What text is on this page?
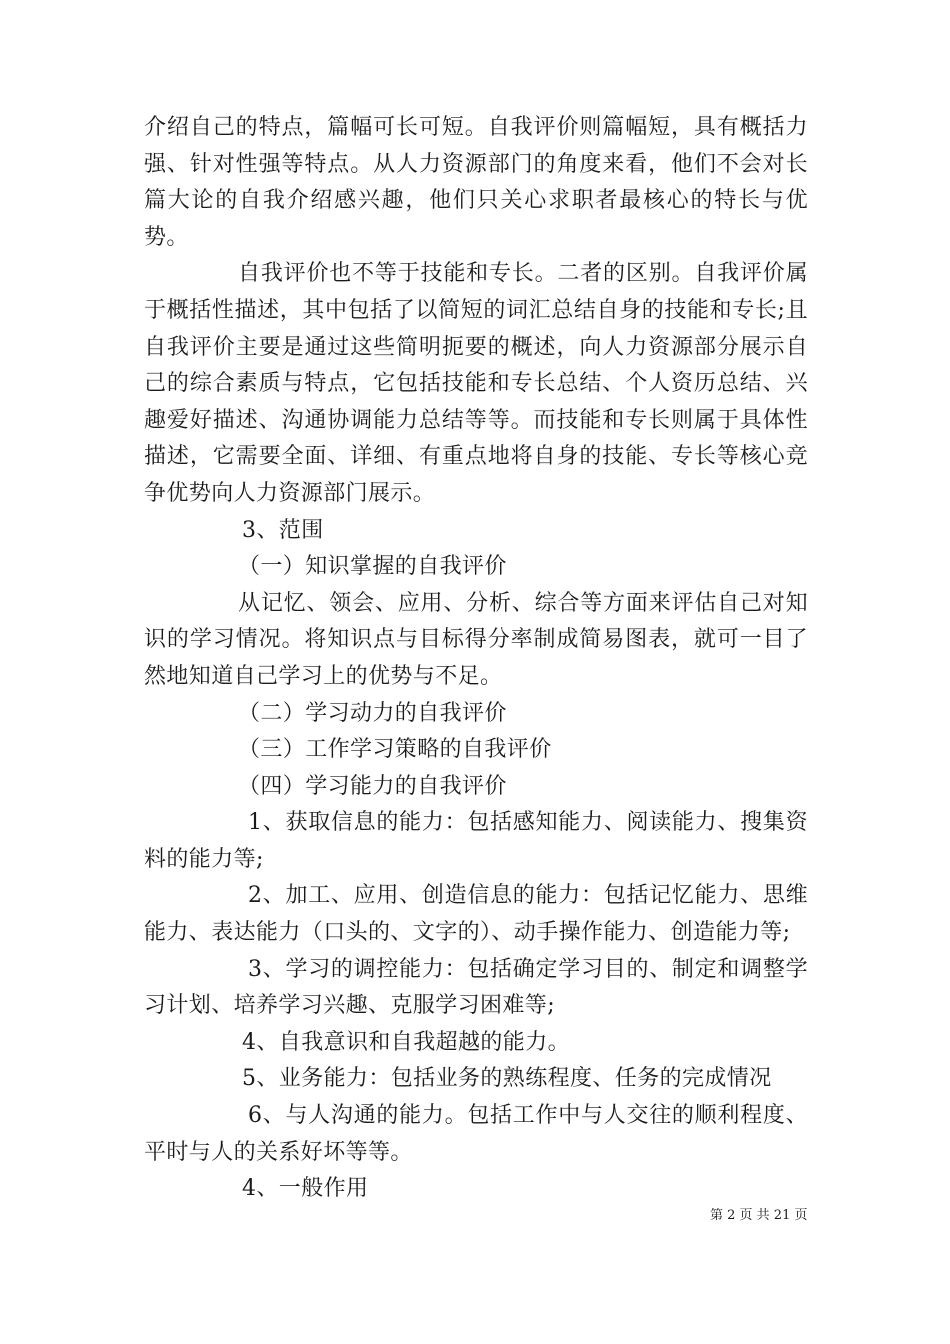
介绍自己的特点，篇幅可长可短。自我评价则篇幅短，具有概括力强、针对性强等特点。从人力资源部门的角度来看，他们不会对长篇大论的自我介绍感兴趣，他们只关心求职者最核心的特长与优势。

自我评价也不等于技能和专长。二者的区别。自我评价属于概括性描述，其中包括了以简短的词汇总结自身的技能和专长;且自我评价主要是通过这些简明扼要的概述，向人力资源部分展示自己的综合素质与特点，它包括技能和专长总结、个人资历总结、兴趣爱好描述、沟通协调能力总结等等。而技能和专长则属于具体性描述，它需要全面、详细、有重点地将自身的技能、专长等核心竞争优势向人力资源部门展示。

3、范围

（一）知识掌握的自我评价

从记忆、领会、应用、分析、综合等方面来评估自己对知识的学习情况。将知识点与目标得分率制成简易图表，就可一目了然地知道自己学习上的优势与不足。

（二）学习动力的自我评价

（三）工作学习策略的自我评价

（四）学习能力的自我评价

1、获取信息的能力：包括感知能力、阅读能力、搜集资料的能力等;

2、加工、应用、创造信息的能力：包括记忆能力、思维能力、表达能力（口头的、文字的）、动手操作能力、创造能力等;

3、学习的调控能力：包括确定学习目的、制定和调整学习计划、培养学习兴趣、克服学习困难等;

4、自我意识和自我超越的能力。

5、业务能力：包括业务的熟练程度、任务的完成情况

6、与人沟通的能力。包括工作中与人交往的顺利程度、平时与人的关系好坏等等。

4、一般作用

第 2 页 共 21 页
